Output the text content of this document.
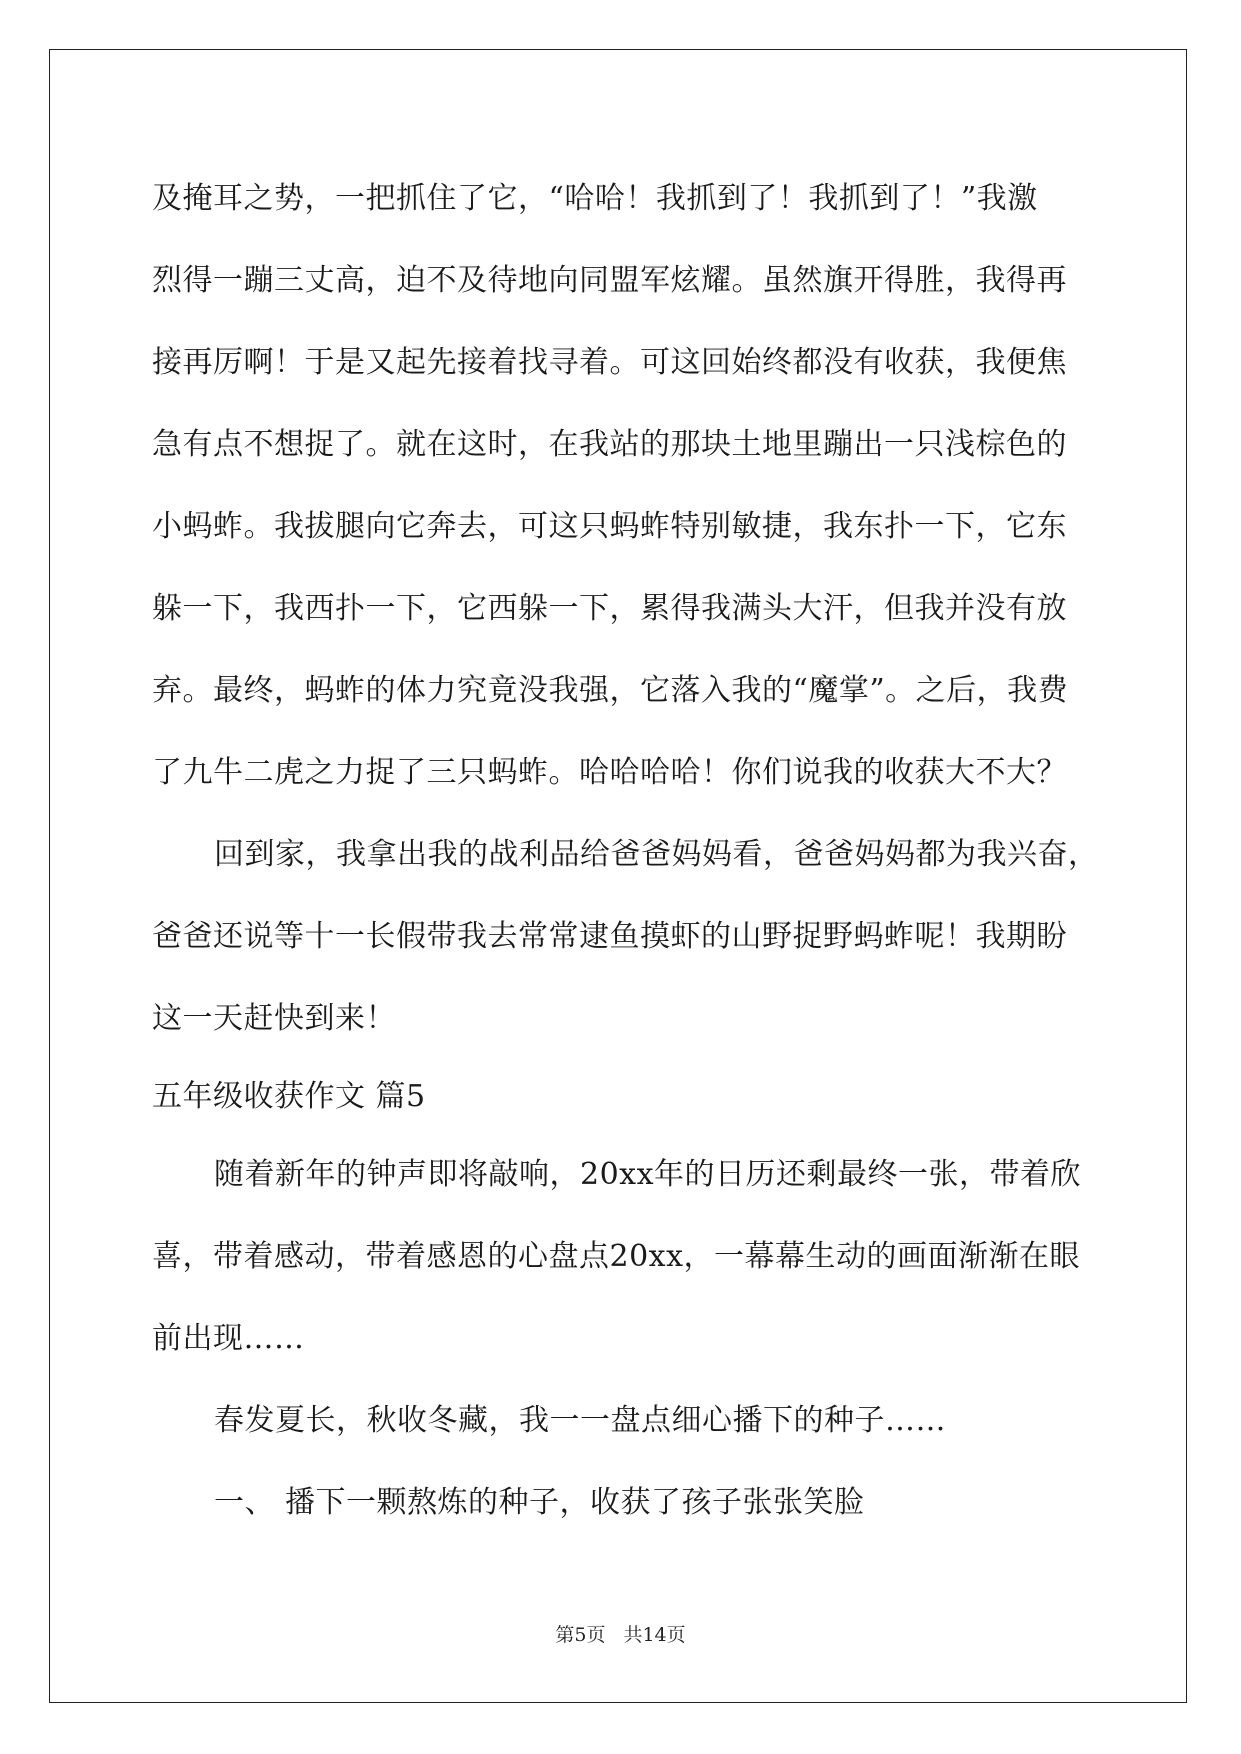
及掩耳之势，一把抓住了它，“哈哈！我抓到了！我抓到了！”我激
烈得一蹦三丈高，迫不及待地向同盟军炫耀。虽然旗开得胜，我得再
接再厉啊！于是又起先接着找寻着。可这回始终都没有收获，我便焦
急有点不想捉了。就在这时，在我站的那块土地里蹦出一只浅棕色的
小蚂蚱。我拔腿向它奔去，可这只蚂蚱特别敏捷，我东扑一下，它东
躲一下，我西扑一下，它西躲一下，累得我满头大汗，但我并没有放
弃。最终，蚂蚱的体力究竟没我强，它落入我的“魔掌”。之后，我费
了九牛二虎之力捉了三只蚂蚱。哈哈哈哈！你们说我的收获大不大？
回到家，我拿出我的战利品给爸爸妈妈看，爸爸妈妈都为我兴奋，
爸爸还说等十一长假带我去常常逮鱼摸虾的山野捉野蚂蚱呢！我期盼
这一天赶快到来！
五年级收获作文 篇5
随着新年的钟声即将敲响，20xx年的日历还剩最终一张，带着欣
喜，带着感动，带着感恩的心盘点20xx，一幕幕生动的画面渐渐在眼
前出现……
春发夏长，秋收冬藏，我一一盘点细心播下的种子……
一、 播下一颗熬炼的种子，收获了孩子张张笑脸
第5页 共14页
